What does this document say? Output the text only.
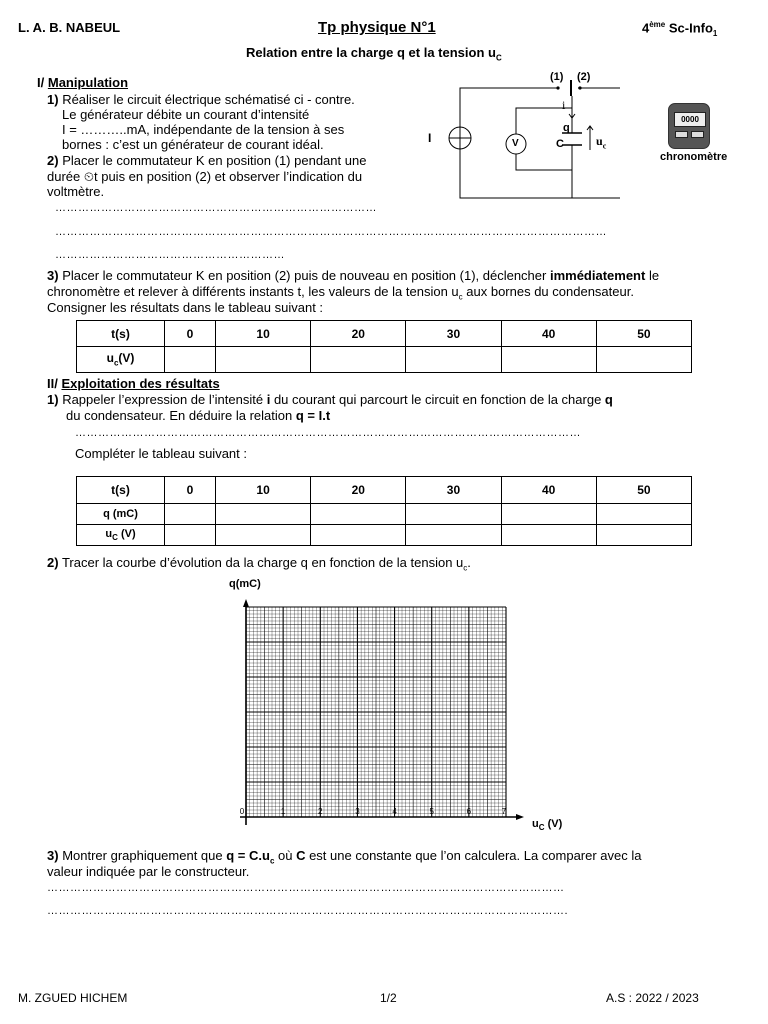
L. A. B. NABEUL	Tp physique N°1	4ème Sc-Info$_1$
Relation entre la charge q et la tension $u_C$
I/ Manipulation
1) Réaliser le circuit électrique schématisé ci - contre.
Le générateur débite un courant d’intensité
I = ………..mA, indépendante de la tension à ses
bornes : c’est un générateur de courant idéal.
2) Placer le commutateur K en position (1) pendant une
durée ⏲t puis en position (2) et observer l’indication du
voltmètre.
…………………………………………………………………………
………………………………………………………………………………………………………………………………
……………………………………………………
(1) (2)
i
I	V
q
C	$u_c$
0000
chronomètre
3) Placer le commutateur K en position (2) puis de nouveau en position (1), déclencher immédiatement le
chronomètre et relever à différents instants t, les valeurs de la tension $u_c$ aux bornes du condensateur.
Consigner les résultats dans le tableau suivant :
t(s)	0	10	20	30	40	50
$u_c(V)$						
II/ Exploitation des résultats
1) Rappeler l’expression de l’intensité i du courant qui parcourt le circuit en fonction de la charge q
du condensateur. En déduire la relation q = I.t
……………………………………………………………………………………………………………………
Compléter le tableau suivant :
t(s)	0	10	20	30	40	50
q (mC)						
$u_C$ (V)						
2) Tracer la courbe d’évolution da la charge q en fonction de la tension $u_c$.
q(mC)
0	1	2	3	4	5	6	7
$u_C$ (V)
3) Montrer graphiquement que $q = C.u_c$ où C est une constante que l’on calculera. La comparer avec la
valeur indiquée par le constructeur.
………………………………………………………………………………………………………………………
……………………………………………………………………………………………………………………….
M. ZGUED HICHEM	1/2	A.S : 2022 / 2023
